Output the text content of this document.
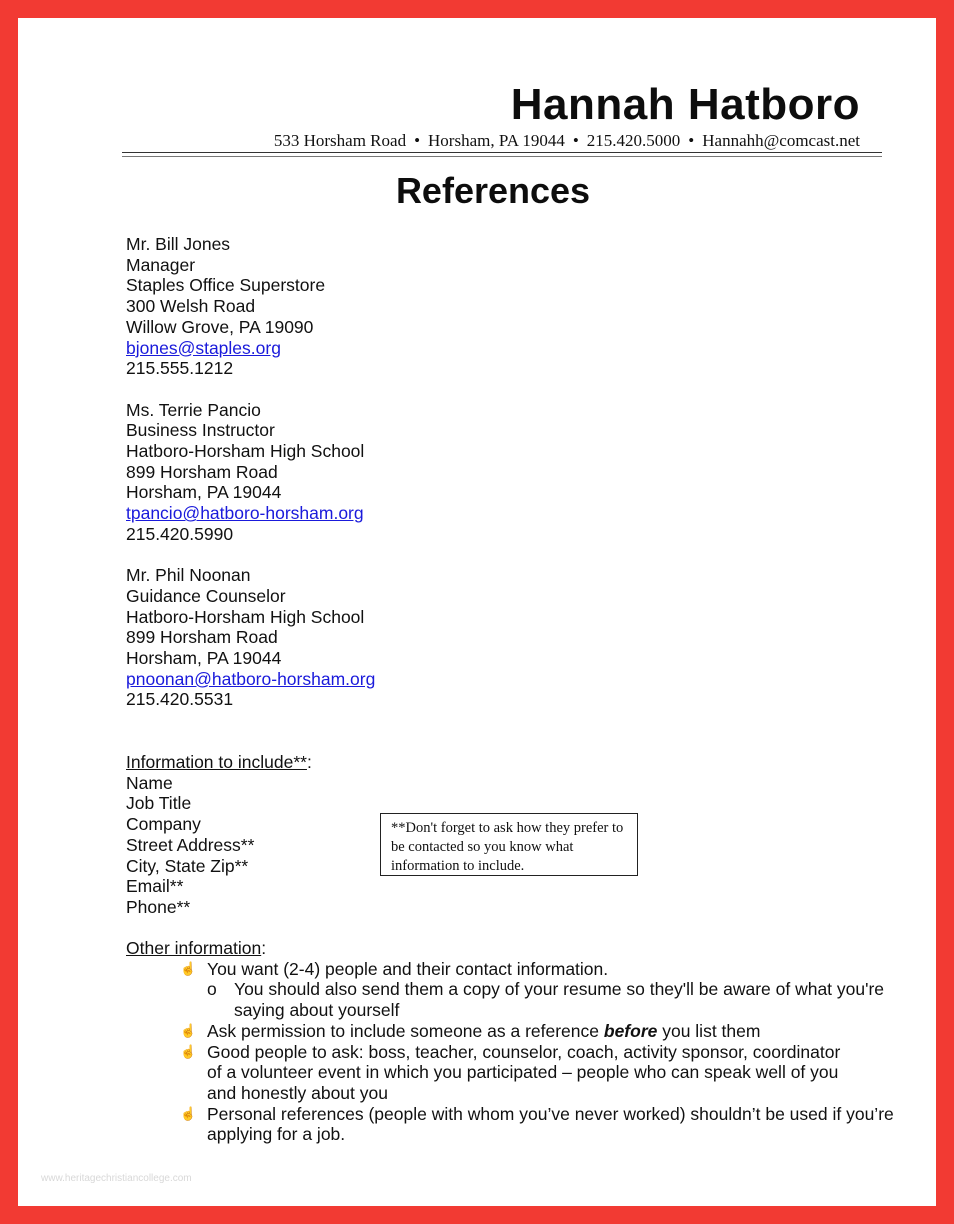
Hannah Hatboro
533 Horsham Road • Horsham, PA 19044 • 215.420.5000 • Hannahh@comcast.net
References
Mr. Bill Jones
Manager
Staples Office Superstore
300 Welsh Road
Willow Grove, PA 19090
bjones@staples.org
215.555.1212
Ms. Terrie Pancio
Business Instructor
Hatboro-Horsham High School
899 Horsham Road
Horsham, PA 19044
tpancio@hatboro-horsham.org
215.420.5990
Mr. Phil Noonan
Guidance Counselor
Hatboro-Horsham High School
899 Horsham Road
Horsham, PA 19044
pnoonan@hatboro-horsham.org
215.420.5531
Information to include**:
Name
Job Title
Company
Street Address**
City, State Zip**
Email**
Phone**
**Don't forget to ask how they prefer to be contacted so you know what information to include.
Other information:
☝ You want (2-4) people and their contact information.
o You should also send them a copy of your resume so they'll be aware of what you're saying about yourself
☝ Ask permission to include someone as a reference before you list them
☝ Good people to ask: boss, teacher, counselor, coach, activity sponsor, coordinator of a volunteer event in which you participated – people who can speak well of you and honestly about you
☝ Personal references (people with whom you’ve never worked) shouldn’t be used if you’re applying for a job.
www.heritagechristiancollege.com
